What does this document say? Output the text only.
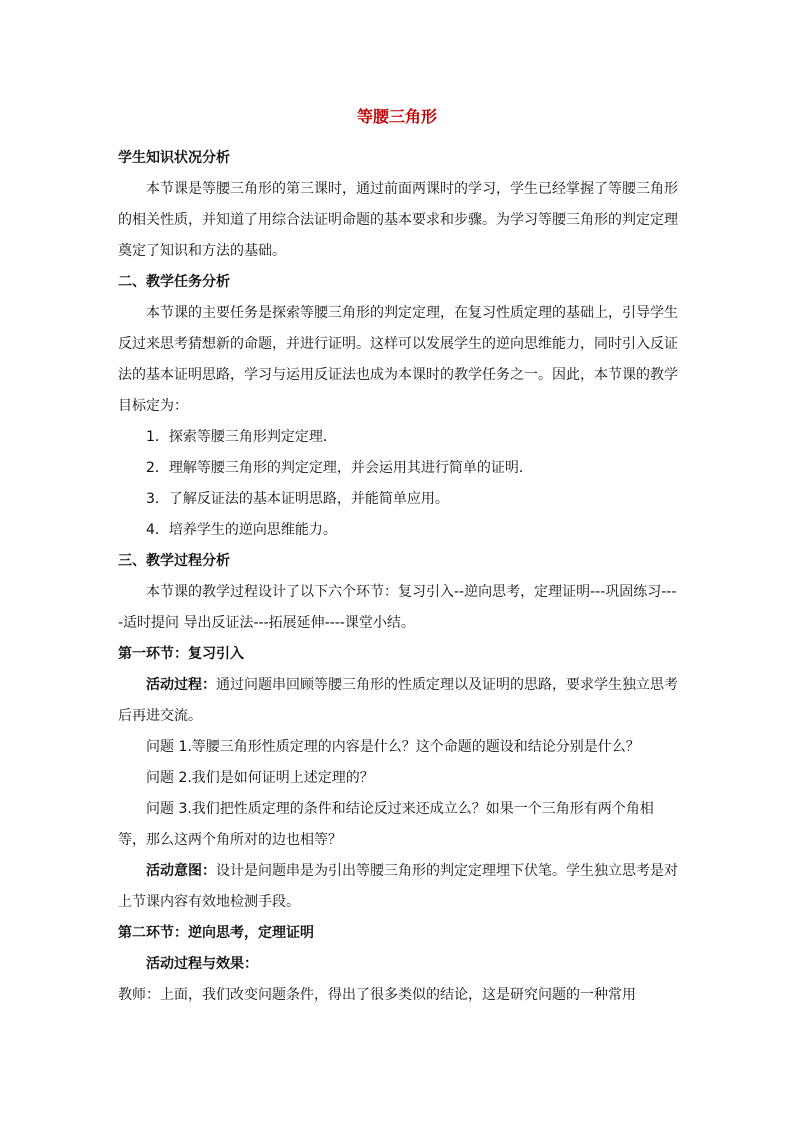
等腰三角形

学生知识状况分析

本节课是等腰三角形的第三课时，通过前面两课时的学习，学生已经掌握了等腰三角形的相关性质，并知道了用综合法证明命题的基本要求和步骤。为学习等腰三角形的判定定理奠定了知识和方法的基础。

二、教学任务分析

本节课的主要任务是探索等腰三角形的判定定理，在复习性质定理的基础上，引导学生反过来思考猜想新的命题，并进行证明。这样可以发展学生的逆向思维能力，同时引入反证法的基本证明思路，学习与运用反证法也成为本课时的教学任务之一。因此，本节课的教学目标定为：

1．探索等腰三角形判定定理．

2．理解等腰三角形的判定定理，并会运用其进行简单的证明．

3．了解反证法的基本证明思路，并能简单应用。

4．培养学生的逆向思维能力。

三、教学过程分析

本节课的教学过程设计了以下六个环节：复习引入--逆向思考，定理证明---巩固练习----适时提问 导出反证法---拓展延伸----课堂小结。

第一环节：复习引入

活动过程：通过问题串回顾等腰三角形的性质定理以及证明的思路，要求学生独立思考后再进交流。

问题 1.等腰三角形性质定理的内容是什么？这个命题的题设和结论分别是什么？

问题 2.我们是如何证明上述定理的？

问题 3.我们把性质定理的条件和结论反过来还成立么？如果一个三角形有两个角相等，那么这两个角所对的边也相等？

活动意图：设计是问题串是为引出等腰三角形的判定定理埋下伏笔。学生独立思考是对上节课内容有效地检测手段。

第二环节：逆向思考，定理证明

活动过程与效果：

教师：上面，我们改变问题条件，得出了很多类似的结论，这是研究问题的一种常用
